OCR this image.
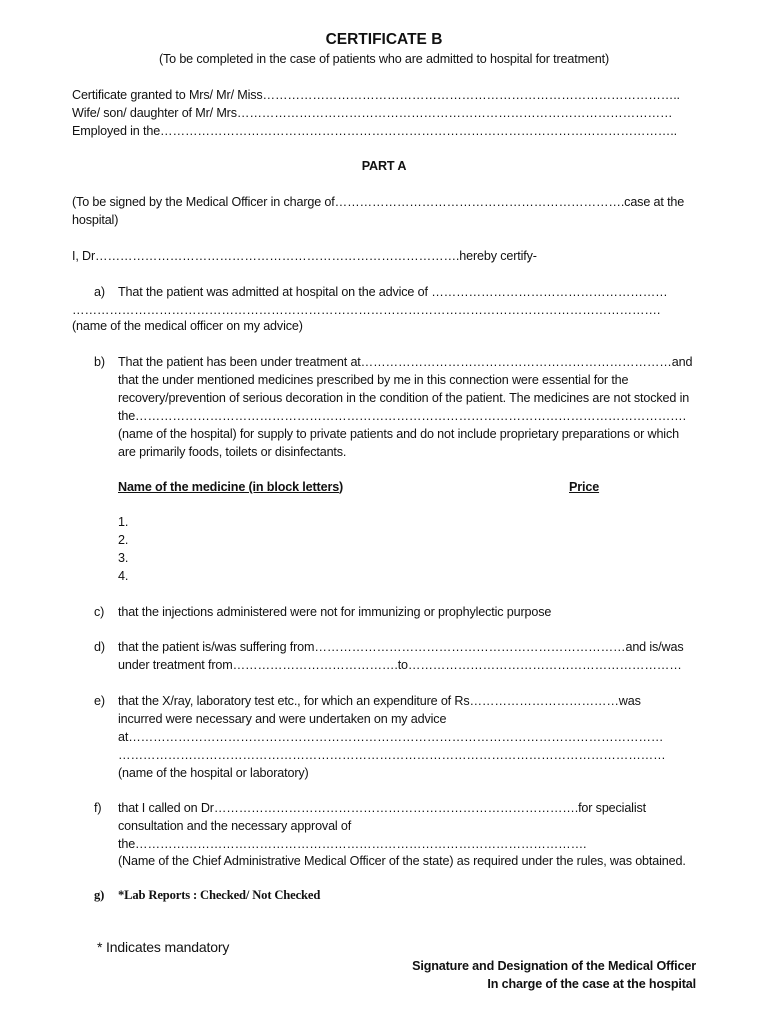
CERTIFICATE B
(To be completed in the case of patients who are admitted to hospital for treatment)
Certificate granted to Mrs/ Mr/ Miss………………………………………………………………………………………..
Wife/ son/ daughter of Mr/ Mrs……………………………………………………………………………………………
Employed in the……………………………………………………………………………………………………………..
PART A
(To be signed by the Medical Officer in charge of…………………………………………………………….case at the
hospital)
I, Dr…………………………………………………………………………….hereby certify-
a) That the patient was admitted at hospital on the advice of …………………………………………………
…………………………………………………………………………………………………………………………….
(name of the medical officer on my advice)
b) That the patient has been under treatment at…………………………………………………………………and
that the under mentioned medicines prescribed by me in this connection were essential for the
recovery/prevention of serious decoration in the condition of the patient. The medicines are not stocked in
the…………………………………………………………………………………………………………………….
(name of the hospital) for supply to private patients and do not include proprietary preparations or which
are primarily foods, toilets or disinfectants.
Name of the medicine (in block letters)	Price
1.
2.
3.
4.
c) that the injections administered were not for immunizing or prophylectic purpose
d) that the patient is/was suffering from…………………………………………………………………and is/was
under treatment from………………………………….to…………………………………………………………
e) that the X/ray, laboratory test etc., for which an expenditure of Rs………………………………was
incurred were necessary and were undertaken on my advice
at…………………………………………………………………………………………………………………
……………………………………………………………………………………………………………………
(name of the hospital or laboratory)
f) that I called on Dr…………………………………………………………………………….for specialist
consultation and the necessary approval of
the……………………………………………………………………………………………….
(Name of the Chief Administrative Medical Officer of the state) as required under the rules, was obtained.
g) *Lab Reports : Checked/ Not Checked
* Indicates mandatory
Signature and Designation of the Medical Officer
In charge of the case at the hospital
